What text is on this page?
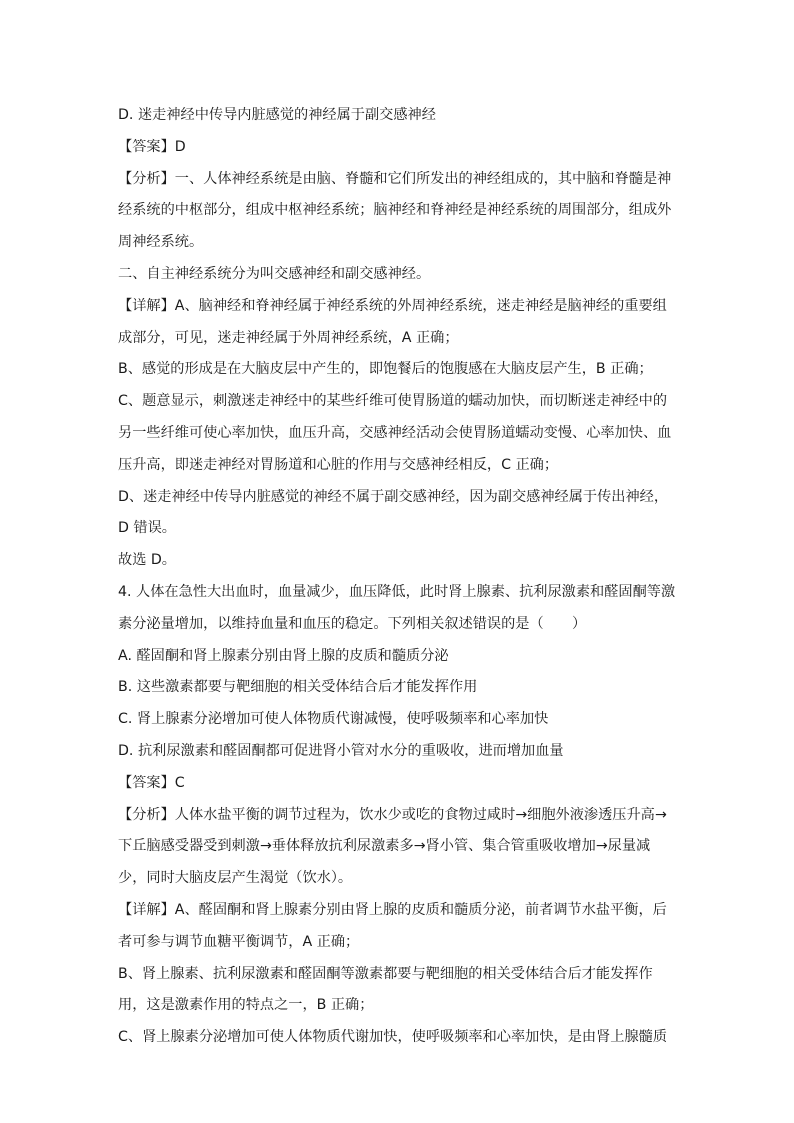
D. 迷走神经中传导内脏感觉的神经属于副交感神经
【答案】D
【分析】一、人体神经系统是由脑、脊髓和它们所发出的神经组成的，其中脑和脊髓是神
经系统的中枢部分，组成中枢神经系统；脑神经和脊神经是神经系统的周围部分，组成外
周神经系统。
二、自主神经系统分为叫交感神经和副交感神经。
【详解】A、脑神经和脊神经属于神经系统的外周神经系统，迷走神经是脑神经的重要组
成部分，可见，迷走神经属于外周神经系统，A 正确；
B、感觉的形成是在大脑皮层中产生的，即饱餐后的饱腹感在大脑皮层产生，B 正确；
C、题意显示，刺激迷走神经中的某些纤维可使胃肠道的蠕动加快，而切断迷走神经中的
另一些纤维可使心率加快，血压升高，交感神经活动会使胃肠道蠕动变慢、心率加快、血
压升高，即迷走神经对胃肠道和心脏的作用与交感神经相反，C 正确；
D、迷走神经中传导内脏感觉的神经不属于副交感神经，因为副交感神经属于传出神经，
D 错误。
故选 D。
4. 人体在急性大出血时，血量减少，血压降低，此时肾上腺素、抗利尿激素和醛固酮等激
素分泌量增加，以维持血量和血压的稳定。下列相关叙述错误的是（　　）
A. 醛固酮和肾上腺素分别由肾上腺的皮质和髓质分泌
B. 这些激素都要与靶细胞的相关受体结合后才能发挥作用
C. 肾上腺素分泌增加可使人体物质代谢减慢，使呼吸频率和心率加快
D. 抗利尿激素和醛固酮都可促进肾小管对水分的重吸收，进而增加血量
【答案】C
【分析】人体水盐平衡的调节过程为，饮水少或吃的食物过咸时→细胞外液渗透压升高→
下丘脑感受器受到刺激→垂体释放抗利尿激素多→肾小管、集合管重吸收增加→尿量减
少，同时大脑皮层产生渴觉（饮水）。
【详解】A、醛固酮和肾上腺素分别由肾上腺的皮质和髓质分泌，前者调节水盐平衡，后
者可参与调节血糖平衡调节，A 正确；
B、肾上腺素、抗利尿激素和醛固酮等激素都要与靶细胞的相关受体结合后才能发挥作
用，这是激素作用的特点之一，B 正确；
C、肾上腺素分泌增加可使人体物质代谢加快，使呼吸频率和心率加快，是由肾上腺髓质
